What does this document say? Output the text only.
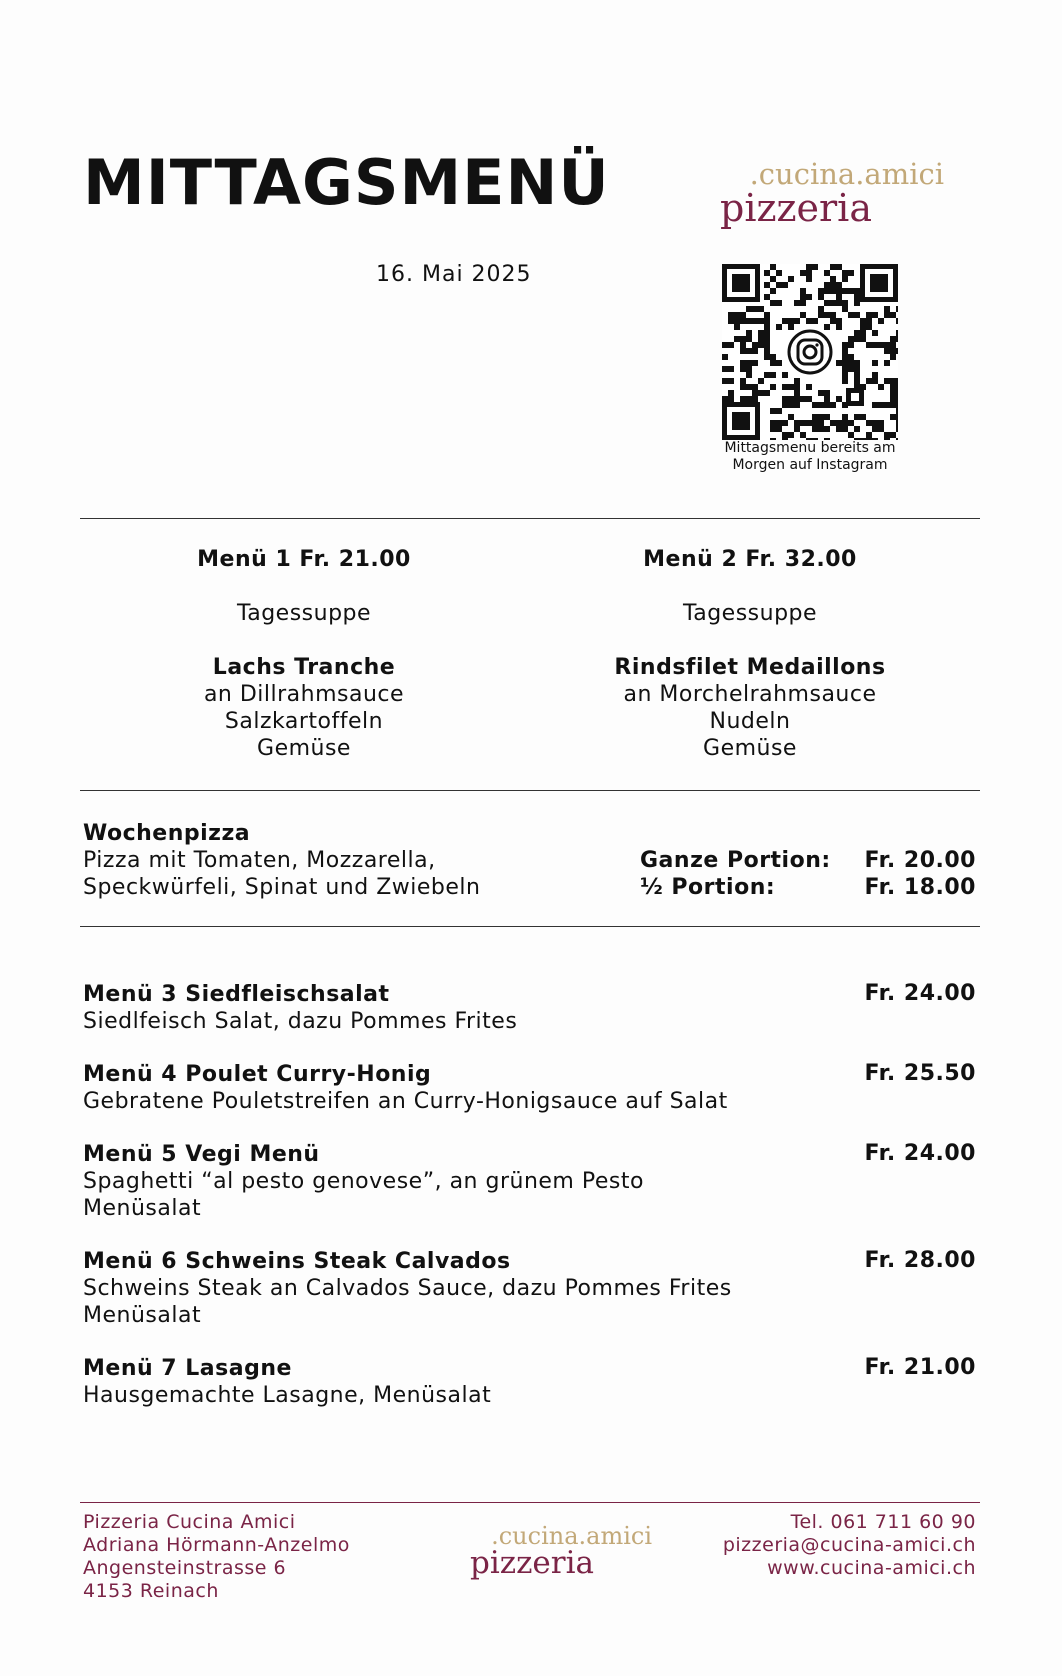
MITTAGSMENÜ
16. Mai 2025
.cucina.amici
pizzeria
Mittagsmenu bereits am
Morgen auf Instagram
Menü 1 Fr. 21.00
Tagessuppe
Lachs Tranche
an Dillrahmsauce
Salzkartoffeln
Gemüse
Menü 2 Fr. 32.00
Tagessuppe
Rindsfilet Medaillons
an Morchelrahmsauce
Nudeln
Gemüse
Wochenpizza
Pizza mit Tomaten, Mozzarella,
Speckwürfeli, Spinat und Zwiebeln
Ganze Portion:
½ Portion:
Fr. 20.00
Fr. 18.00
Menü 3 Siedfleischsalat
Siedlfeisch Salat, dazu Pommes Frites
Fr. 24.00
Menü 4 Poulet Curry-Honig
Gebratene Pouletstreifen an Curry-Honigsauce auf Salat
Fr. 25.50
Menü 5 Vegi Menü
Spaghetti “al pesto genovese”, an grünem Pesto
Menüsalat
Fr. 24.00
Menü 6 Schweins Steak Calvados
Schweins Steak an Calvados Sauce, dazu Pommes Frites
Menüsalat
Fr. 28.00
Menü 7 Lasagne
Hausgemachte Lasagne, Menüsalat
Fr. 21.00
Pizzeria Cucina Amici
Adriana Hörmann-Anzelmo
Angensteinstrasse 6
4153 Reinach
.cucina.amici
pizzeria
Tel. 061 711 60 90
pizzeria@cucina-amici.ch
www.cucina-amici.ch
